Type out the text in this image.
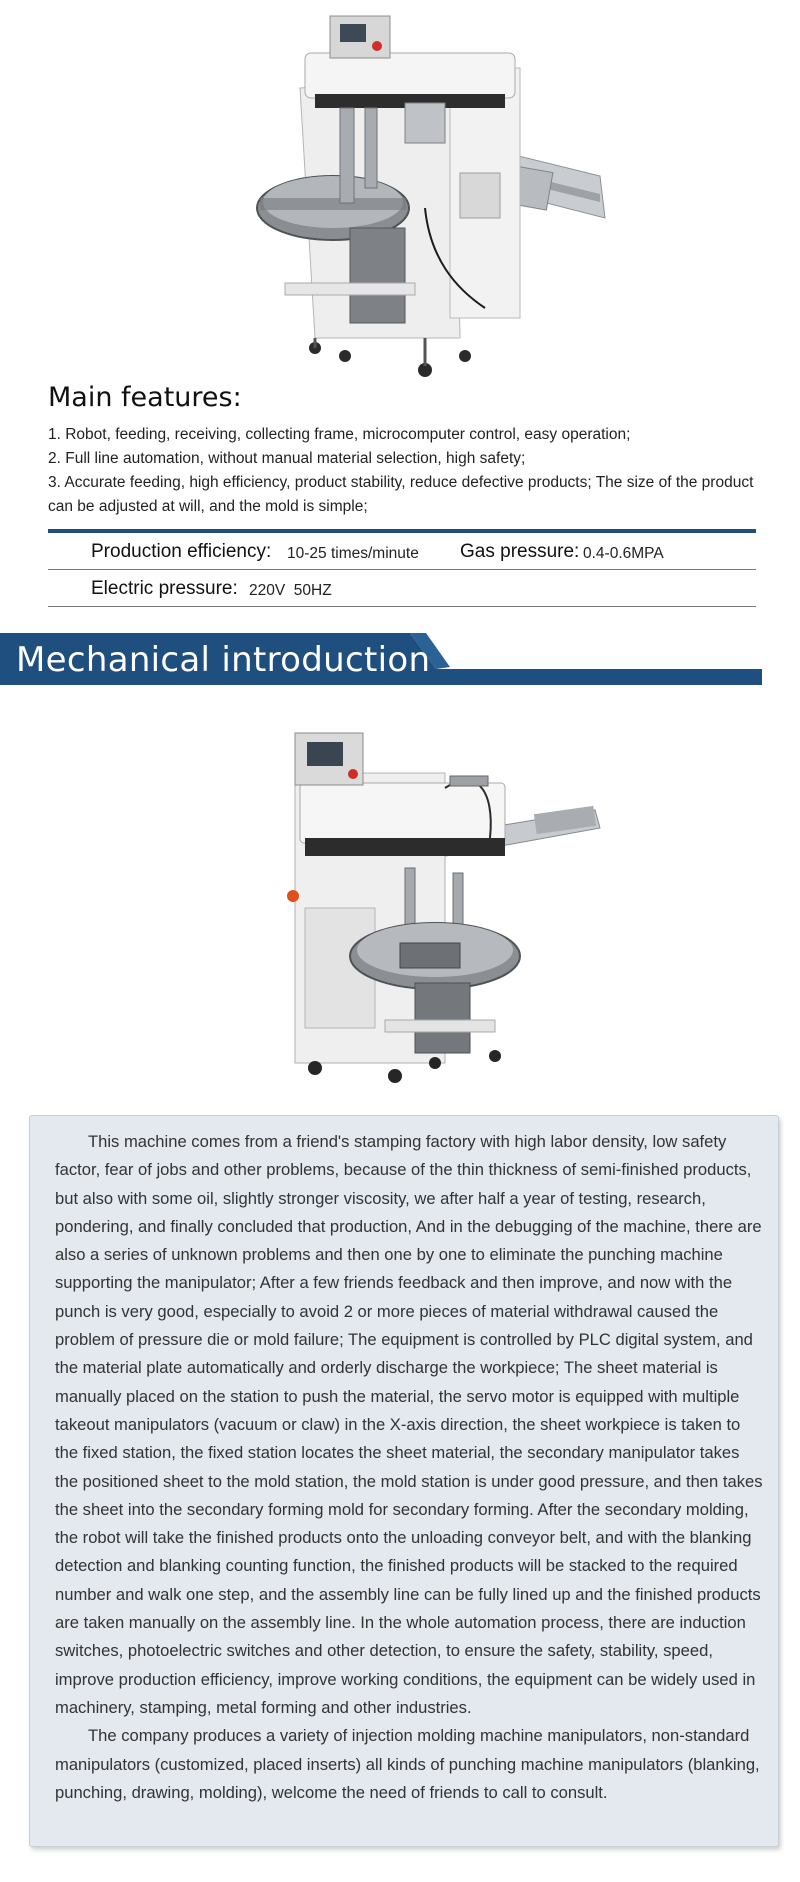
Main features:
1. Robot, feeding, receiving, collecting frame, microcomputer control, easy operation;
2. Full line automation, without manual material selection, high safety;
3. Accurate feeding, high efficiency, product stability, reduce defective products; The size of the product can be adjusted at will, and the mold is simple;
Production efficiency: 10-25 times/minute Gas pressure: 0.4-0.6MPA
Electric pressure: 220V  50HZ
Mechanical introduction

This machine comes from a friend's stamping factory with high labor density, low safety factor, fear of jobs and other problems, because of the thin thickness of semi-finished products, but also with some oil, slightly stronger viscosity, we after half a year of testing, research, pondering, and finally concluded that production, And in the debugging of the machine, there are also a series of unknown problems and then one by one to eliminate the punching machine supporting the manipulator; After a few friends feedback and then improve, and now with the punch is very good, especially to avoid 2 or more pieces of material withdrawal caused the problem of pressure die or mold failure; The equipment is controlled by PLC digital system, and the material plate automatically and orderly discharge the workpiece; The sheet material is manually placed on the station to push the material, the servo motor is equipped with multiple takeout manipulators (vacuum or claw) in the X-axis direction, the sheet workpiece is taken to the fixed station, the fixed station locates the sheet material, the secondary manipulator takes the positioned sheet to the mold station, the mold station is under good pressure, and then takes the sheet into the secondary forming mold for secondary forming. After the secondary molding, the robot will take the finished products onto the unloading conveyor belt, and with the blanking detection and blanking counting function, the finished products will be stacked to the required number and walk one step, and the assembly line can be fully lined up and the finished products are taken manually on the assembly line. In the whole automation process, there are induction switches, photoelectric switches and other detection, to ensure the safety, stability, speed, improve production efficiency, improve working conditions, the equipment can be widely used in machinery, stamping, metal forming and other industries.

The company produces a variety of injection molding machine manipulators, non-standard manipulators (customized, placed inserts) all kinds of punching machine manipulators (blanking, punching, drawing, molding), welcome the need of friends to call to consult.
